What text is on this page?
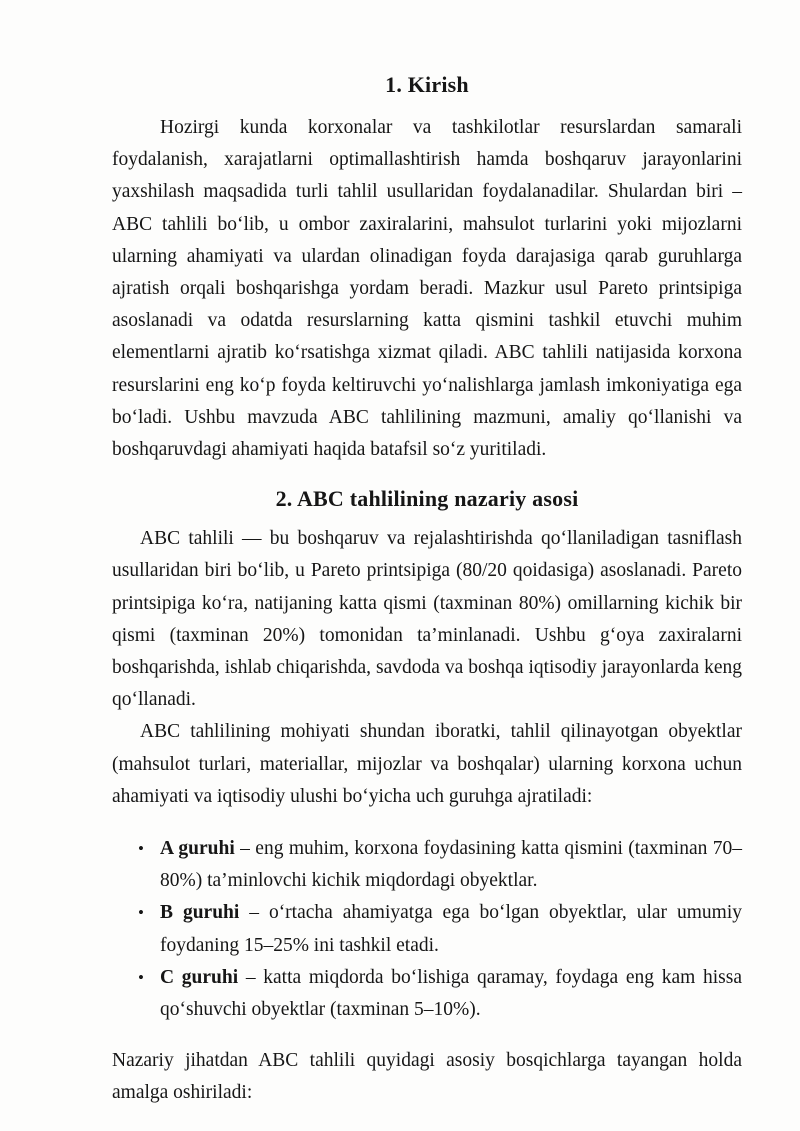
1. Kirish

Hozirgi kunda korxonalar va tashkilotlar resurslardan samarali foydalanish, xarajatlarni optimallashtirish hamda boshqaruv jarayonlarini yaxshilash maqsadida turli tahlil usullaridan foydalanadilar. Shulardan biri – ABC tahlili boʻlib, u ombor zaxiralarini, mahsulot turlarini yoki mijozlarni ularning ahamiyati va ulardan olinadigan foyda darajasiga qarab guruhlarga ajratish orqali boshqarishga yordam beradi. Mazkur usul Pareto printsipiga asoslanadi va odatda resurslarning katta qismini tashkil etuvchi muhim elementlarni ajratib koʻrsatishga xizmat qiladi. ABC tahlili natijasida korxona resurslarini eng koʻp foyda keltiruvchi yoʻnalishlarga jamlash imkoniyatiga ega boʻladi. Ushbu mavzuda ABC tahlilining mazmuni, amaliy qoʻllanishi va boshqaruvdagi ahamiyati haqida batafsil soʻz yuritiladi.

2. ABC tahlilining nazariy asosi

ABC tahlili — bu boshqaruv va rejalashtirishda qoʻllaniladigan tasniflash usullaridan biri boʻlib, u Pareto printsipiga (80/20 qoidasiga) asoslanadi. Pareto printsipiga koʻra, natijaning katta qismi (taxminan 80%) omillarning kichik bir qismi (taxminan 20%) tomonidan ta’minlanadi. Ushbu gʻoya zaxiralarni boshqarishda, ishlab chiqarishda, savdoda va boshqa iqtisodiy jarayonlarda keng qoʻllanadi.

ABC tahlilining mohiyati shundan iboratki, tahlil qilinayotgan obyektlar (mahsulot turlari, materiallar, mijozlar va boshqalar) ularning korxona uchun ahamiyati va iqtisodiy ulushi boʻyicha uch guruhga ajratiladi:

• A guruhi – eng muhim, korxona foydasining katta qismini (taxminan 70–80%) ta’minlovchi kichik miqdordagi obyektlar.
• B guruhi – oʻrtacha ahamiyatga ega boʻlgan obyektlar, ular umumiy foydaning 15–25% ini tashkil etadi.
• C guruhi – katta miqdorda boʻlishiga qaramay, foydaga eng kam hissa qoʻshuvchi obyektlar (taxminan 5–10%).

Nazariy jihatdan ABC tahlili quyidagi asosiy bosqichlarga tayangan holda amalga oshiriladi:
